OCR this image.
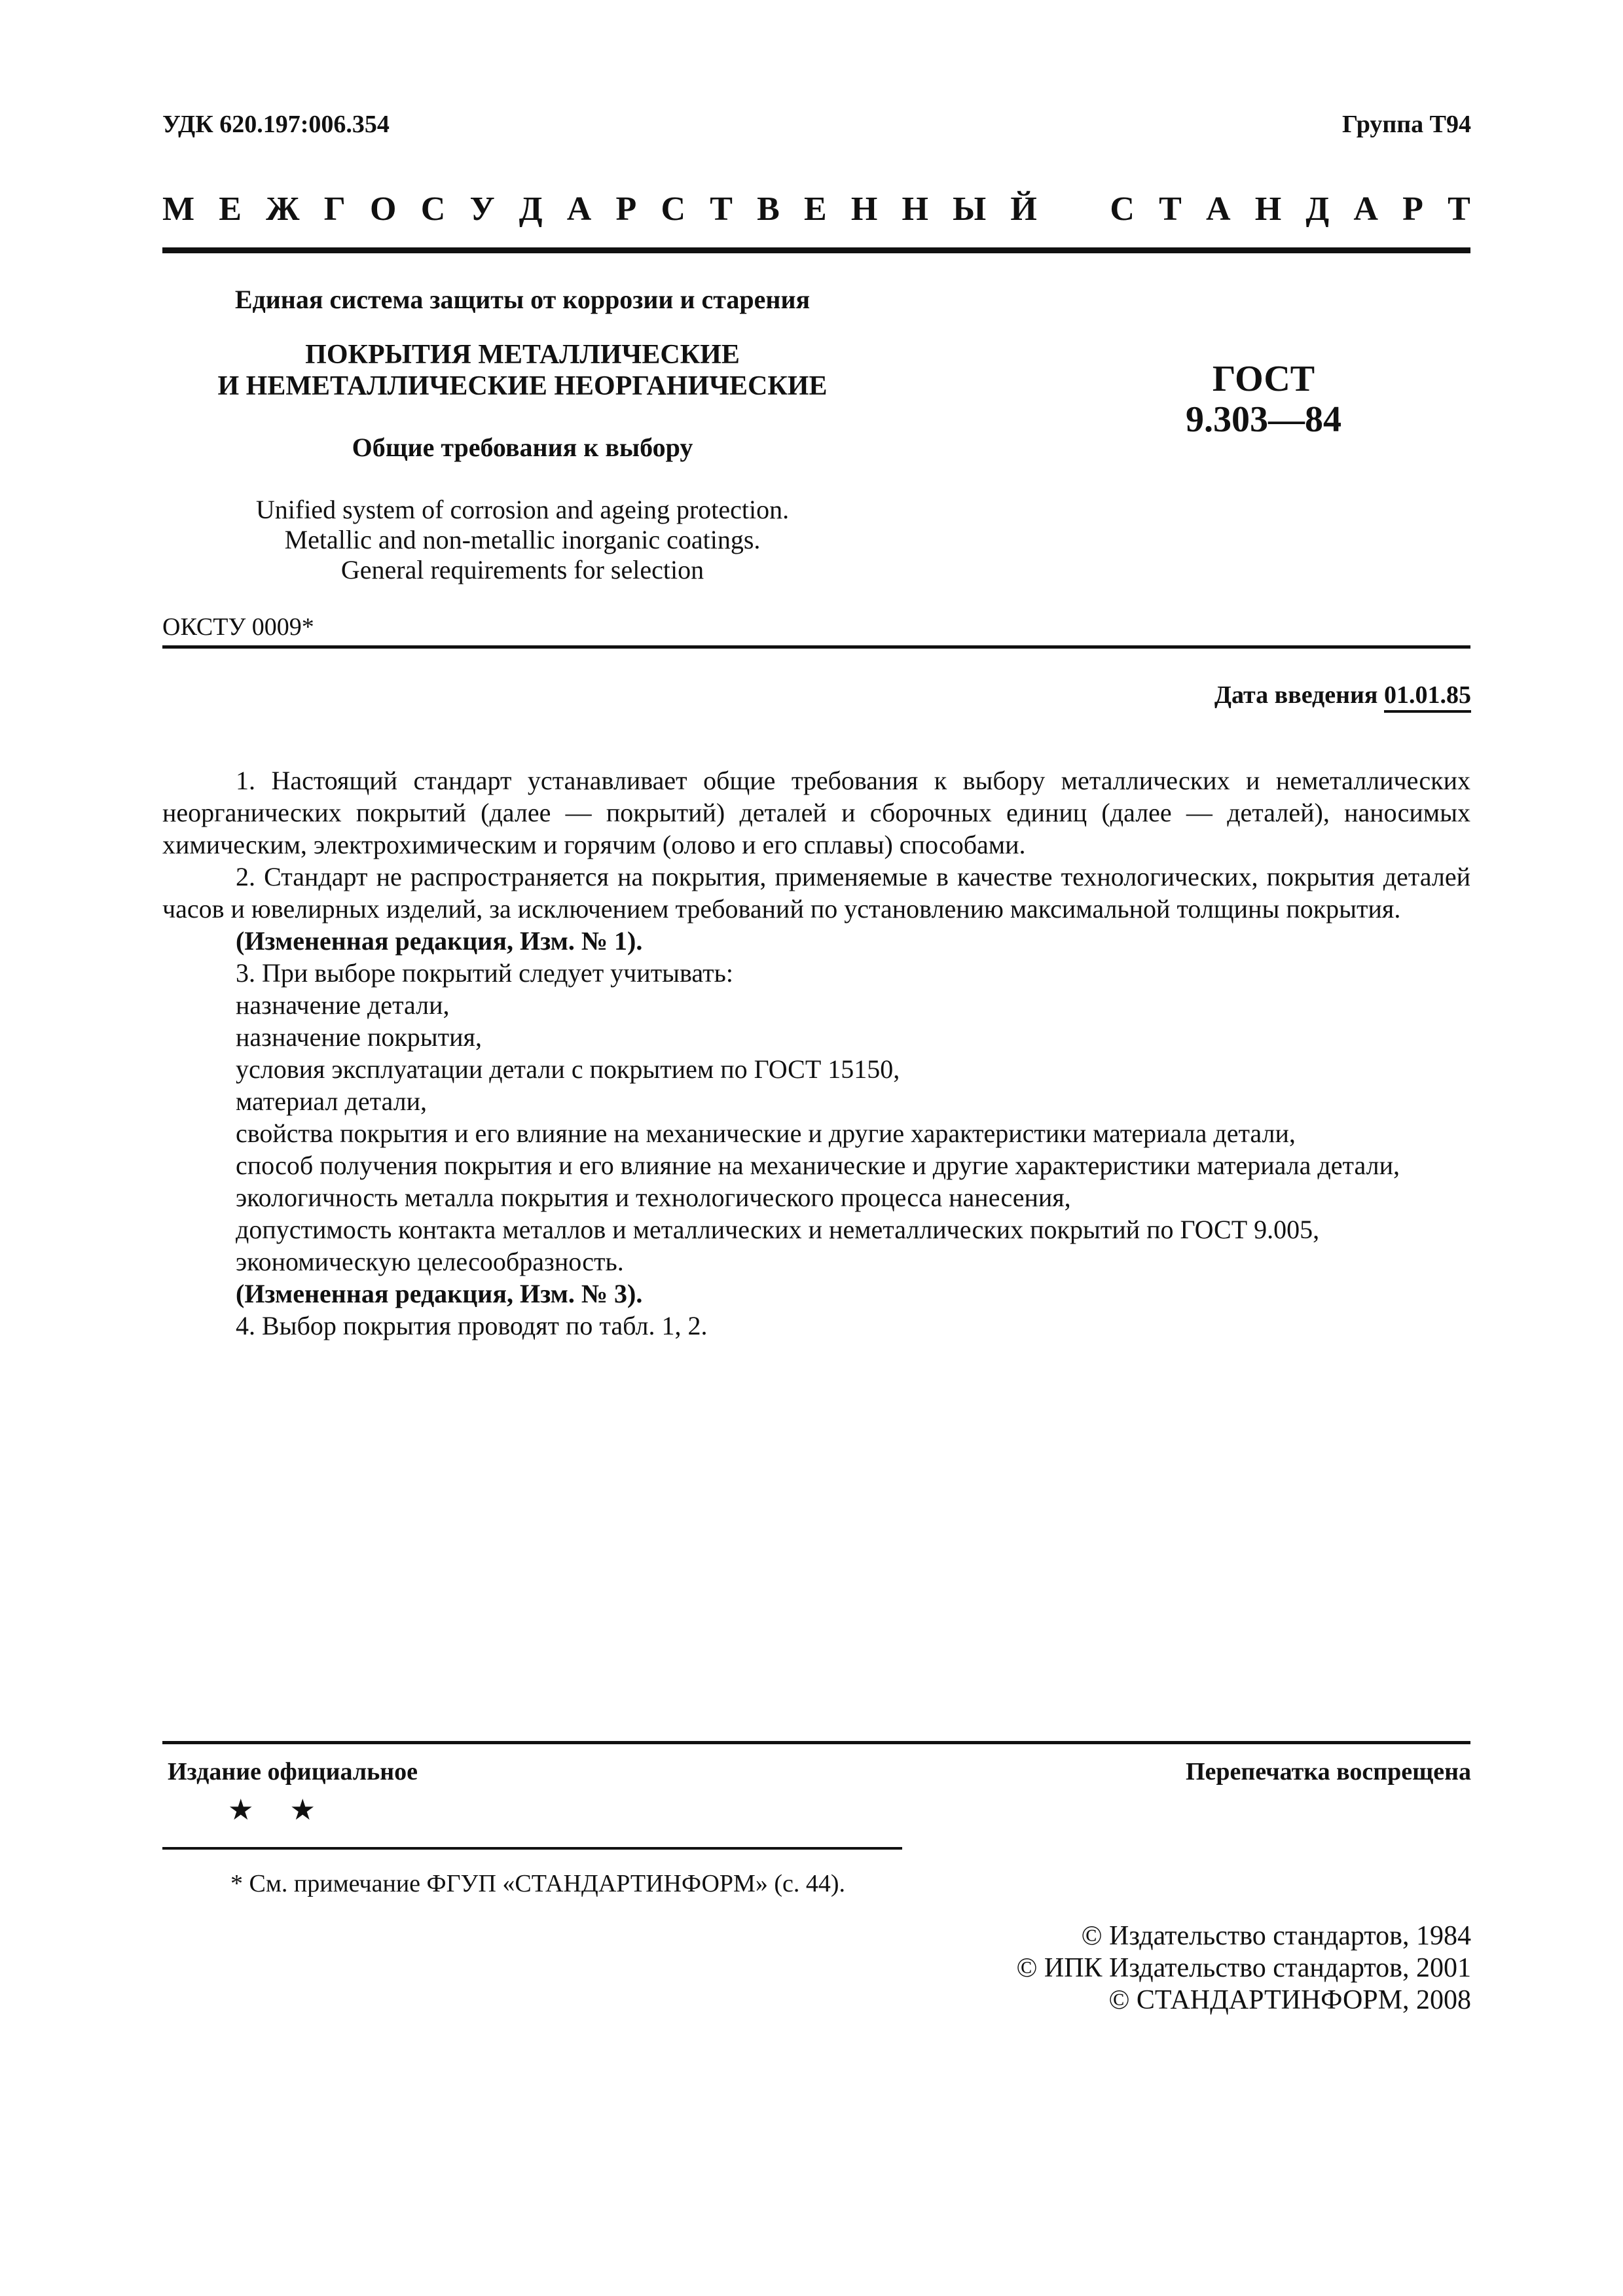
УДК 620.197:006.354	Группа Т94
М Е Ж Г О С У Д А Р С Т В Е Н Н Ы Й С Т А Н Д А Р Т
Единая система защиты от коррозии и старения
ПОКРЫТИЯ МЕТАЛЛИЧЕСКИЕ
И НЕМЕТАЛЛИЧЕСКИЕ НЕОРГАНИЧЕСКИЕ
Общие требования к выбору
ГОСТ
9.303—84
Unified system of corrosion and ageing protection.
Metallic and non-metallic inorganic coatings.
General requirements for selection
ОКСТУ 0009*
Дата введения 01.01.85

1. Настоящий стандарт устанавливает общие требования к выбору металлических и неметаллических неорганических покрытий (далее — покрытий) деталей и сборочных единиц (далее — деталей), наносимых химическим, электрохимическим и горячим (олово и его сплавы) способами.

2. Стандарт не распространяется на покрытия, применяемые в качестве технологических, покрытия деталей часов и ювелирных изделий, за исключением требований по установлению максимальной толщины покрытия.

(Измененная редакция, Изм. № 1).

3. При выборе покрытий следует учитывать:

назначение детали,

назначение покрытия,

условия эксплуатации детали с покрытием по ГОСТ 15150,

материал детали,

свойства покрытия и его влияние на механические и другие характеристики материала детали,

способ получения покрытия и его влияние на механические и другие характеристики материала детали,

экологичность металла покрытия и технологического процесса нанесения,

допустимость контакта металлов и металлических и неметаллических покрытий по ГОСТ 9.005,

экономическую целесообразность.

(Измененная редакция, Изм. № 3).

4. Выбор покрытия проводят по табл. 1, 2.

Издание официальное	Перепечатка воспрещена
★ ★
* См. примечание ФГУП «СТАНДАРТИНФОРМ» (с. 44).
© Издательство стандартов, 1984
© ИПК Издательство стандартов, 2001
© СТАНДАРТИНФОРМ, 2008
